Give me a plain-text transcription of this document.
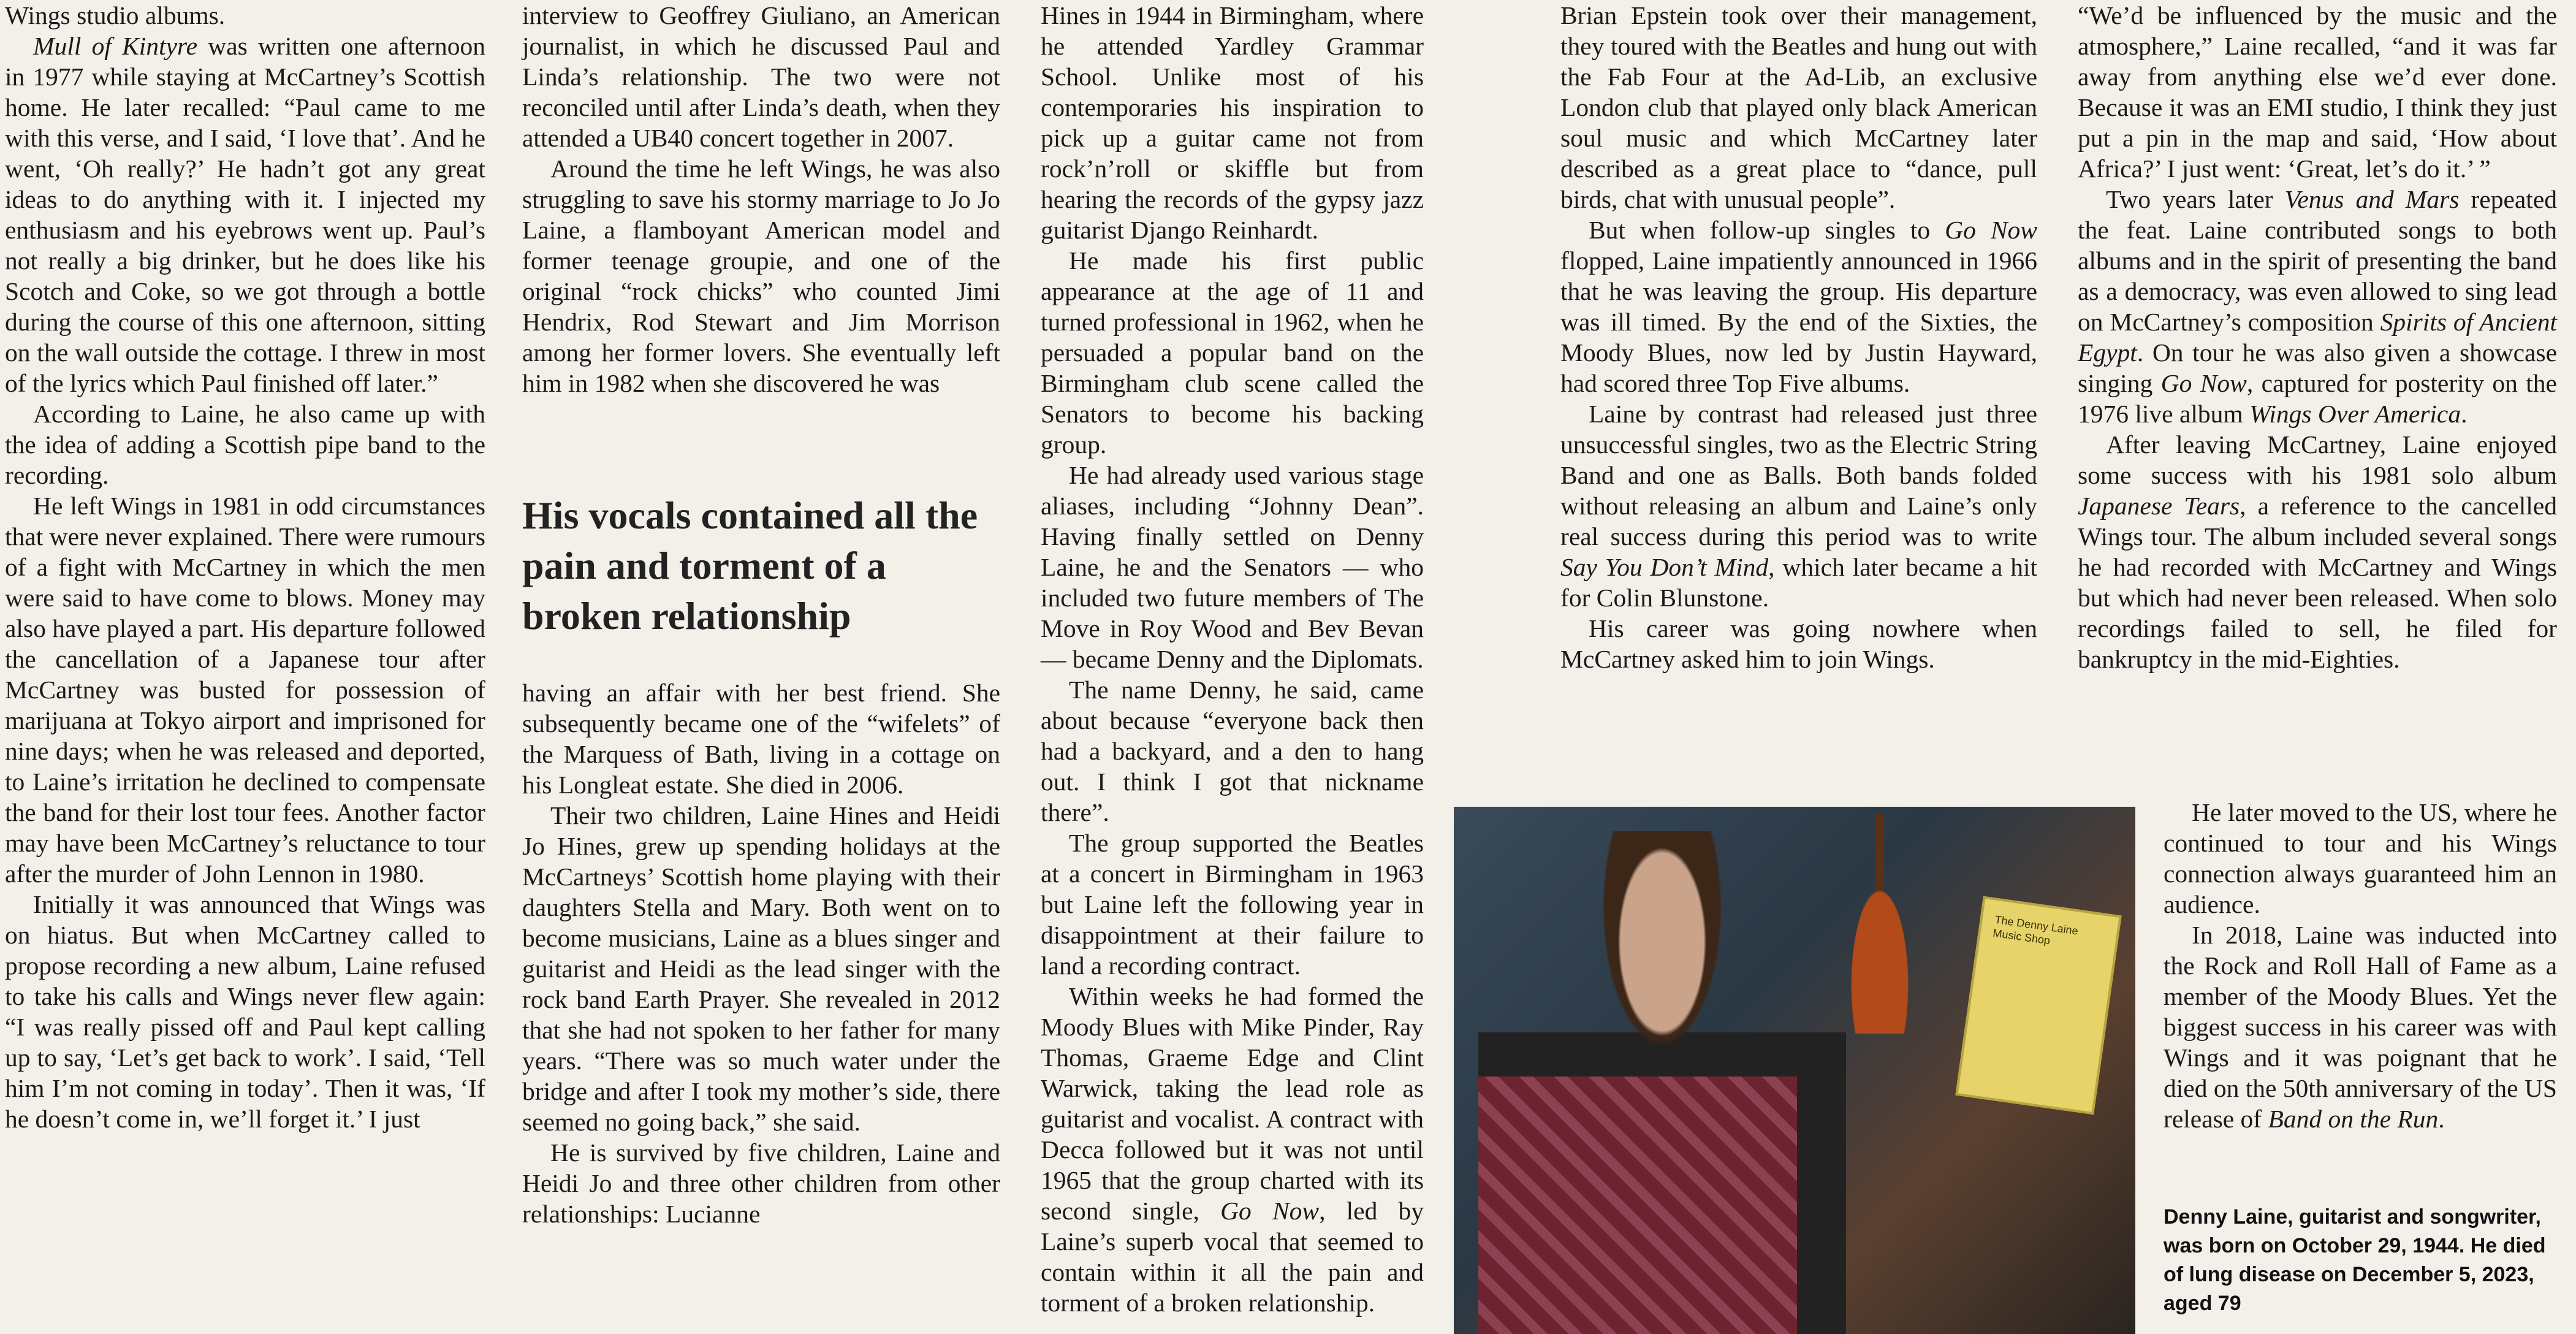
Wings studio albums.

Mull of Kintyre was written one afternoon in 1977 while staying at McCartney’s Scottish home. He later recalled: “Paul came to me with this verse, and I said, ‘I love that’. And he went, ‘Oh really?’ He hadn’t got any great ideas to do anything with it. I injected my enthusiasm and his eyebrows went up. Paul’s not really a big drinker, but he does like his Scotch and Coke, so we got through a bottle during the course of this one afternoon, sitting on the wall outside the cottage. I threw in most of the lyrics which Paul finished off later.”

According to Laine, he also came up with the idea of adding a Scottish pipe band to the recording.

He left Wings in 1981 in odd circumstances that were never explained. There were rumours of a fight with McCartney in which the men were said to have come to blows. Money may also have played a part. His departure followed the cancellation of a Japanese tour after McCartney was busted for possession of marijuana at Tokyo airport and imprisoned for nine days; when he was released and deported, to Laine’s irritation he declined to compensate the band for their lost tour fees. Another factor may have been McCartney’s reluctance to tour after the murder of John Lennon in 1980.

Initially it was announced that Wings was on hiatus. But when McCartney called to propose recording a new album, Laine refused to take his calls and Wings never flew again: “I was really pissed off and Paul kept calling up to say, ‘Let’s get back to work’. I said, ‘Tell him I’m not coming in today’. Then it was, ‘If he doesn’t come in, we’ll forget it.’ I just

interview to Geoffrey Giuliano, an American journalist, in which he discussed Paul and Linda’s relationship. The two were not reconciled until after Linda’s death, when they attended a UB40 concert together in 2007.

Around the time he left Wings, he was also struggling to save his stormy marriage to Jo Jo Laine, a flamboyant American model and former teenage groupie, and one of the original “rock chicks” who counted Jimi Hendrix, Rod Stewart and Jim Morrison among her former lovers. She eventually left him in 1982 when she discovered he was

His vocals contained all the pain and torment of a broken relationship

having an affair with her best friend. She subsequently became one of the “wifelets” of the Marquess of Bath, living in a cottage on his Longleat estate. She died in 2006.

Their two children, Laine Hines and Heidi Jo Hines, grew up spending holidays at the McCartneys’ Scottish home playing with their daughters Stella and Mary. Both went on to become musicians, Laine as a blues singer and guitarist and Heidi as the lead singer with the rock band Earth Prayer. She revealed in 2012 that she had not spoken to her father for many years. “There was so much water under the bridge and after I took my mother’s side, there seemed no going back,” she said.

He is survived by five children, Laine and Heidi Jo and three other children from other relationships: Lucianne

Hines in 1944 in Birmingham, where he attended Yardley Grammar School. Unlike most of his contemporaries his inspiration to pick up a guitar came not from rock’n’roll or skiffle but from hearing the records of the gypsy jazz guitarist Django Reinhardt.

He made his first public appearance at the age of 11 and turned professional in 1962, when he persuaded a popular band on the Birmingham club scene called the Senators to become his backing group.

He had already used various stage aliases, including “Johnny Dean”. Having finally settled on Denny Laine, he and the Senators — who included two future members of The Move in Roy Wood and Bev Bevan — became Denny and the Diplomats.

The name Denny, he said, came about because “everyone back then had a backyard, and a den to hang out. I think I got that nickname there”.

The group supported the Beatles at a concert in Birmingham in 1963 but Laine left the following year in disappointment at their failure to land a recording contract.

Within weeks he had formed the Moody Blues with Mike Pinder, Ray Thomas, Graeme Edge and Clint Warwick, taking the lead role as guitarist and vocalist. A contract with Decca followed but it was not until 1965 that the group charted with its second single, Go Now, led by Laine’s superb vocal that seemed to contain within it all the pain and torment of a broken relationship.

Brian Epstein took over their management, they toured with the Beatles and hung out with the Fab Four at the Ad-Lib, an exclusive London club that played only black American soul music and which McCartney later described as a great place to “dance, pull birds, chat with unusual people”.

But when follow-up singles to Go Now flopped, Laine impatiently announced in 1966 that he was leaving the group. His departure was ill timed. By the end of the Sixties, the Moody Blues, now led by Justin Hayward, had scored three Top Five albums.

Laine by contrast had released just three unsuccessful singles, two as the Electric String Band and one as Balls. Both bands folded without releasing an album and Laine’s only real success during this period was to write Say You Don’t Mind, which later became a hit for Colin Blunstone.

His career was going nowhere when McCartney asked him to join Wings.

“We’d be influenced by the music and the atmosphere,” Laine recalled, “and it was far away from anything else we’d ever done. Because it was an EMI studio, I think they just put a pin in the map and said, ‘How about Africa?’ I just went: ‘Great, let’s do it.’ ”

Two years later Venus and Mars repeated the feat. Laine contributed songs to both albums and in the spirit of presenting the band as a democracy, was even allowed to sing lead on McCartney’s composition Spirits of Ancient Egypt. On tour he was also given a showcase singing Go Now, captured for posterity on the 1976 live album Wings Over America.

After leaving McCartney, Laine enjoyed some success with his 1981 solo album Japanese Tears, a reference to the cancelled Wings tour. The album included several songs he had recorded with McCartney and Wings but which had never been released. When solo recordings failed to sell, he filed for bankruptcy in the mid-Eighties.

The Denny Laine Music Shop

He later moved to the US, where he continued to tour and his Wings connection always guaranteed him an audience.

In 2018, Laine was inducted into the Rock and Roll Hall of Fame as a member of the Moody Blues. Yet the biggest success in his career was with Wings and it was poignant that he died on the 50th anniversary of the US release of Band on the Run.

Denny Laine, guitarist and songwriter, was born on October 29, 1944. He died of lung disease on December 5, 2023, aged 79
